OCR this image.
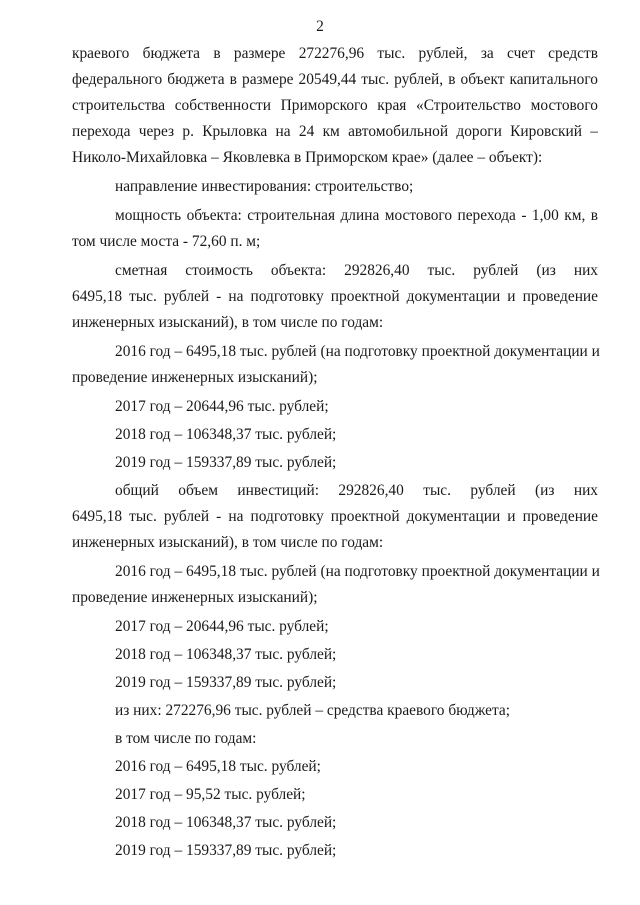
2
краевого бюджета в размере 272276,96 тыс. рублей, за счет средств
федерального бюджета в размере 20549,44 тыс. рублей, в объект капитального
строительства собственности Приморского края «Строительство мостового
перехода через р. Крыловка на 24 км автомобильной дороги Кировский –
Николо-Михайловка – Яковлевка в Приморском крае» (далее – объект):
направление инвестирования: строительство;
мощность объекта: строительная длина мостового перехода - 1,00 км, в
том числе моста - 72,60 п. м;
сметная стоимость объекта: 292826,40 тыс. рублей (из них
6495,18 тыс. рублей - на подготовку проектной документации и проведение
инженерных изысканий), в том числе по годам:
2016 год – 6495,18 тыс. рублей (на подготовку проектной документации и
проведение инженерных изысканий);
2017 год – 20644,96 тыс. рублей;
2018 год – 106348,37 тыс. рублей;
2019 год – 159337,89 тыс. рублей;
общий объем инвестиций: 292826,40 тыс. рублей (из них
6495,18 тыс. рублей - на подготовку проектной документации и проведение
инженерных изысканий), в том числе по годам:
2016 год – 6495,18 тыс. рублей (на подготовку проектной документации и
проведение инженерных изысканий);
2017 год – 20644,96 тыс. рублей;
2018 год – 106348,37 тыс. рублей;
2019 год – 159337,89 тыс. рублей;
из них: 272276,96 тыс. рублей – средства краевого бюджета;
в том числе по годам:
2016 год – 6495,18 тыс. рублей;
2017 год – 95,52 тыс. рублей;
2018 год – 106348,37 тыс. рублей;
2019 год – 159337,89 тыс. рублей;
